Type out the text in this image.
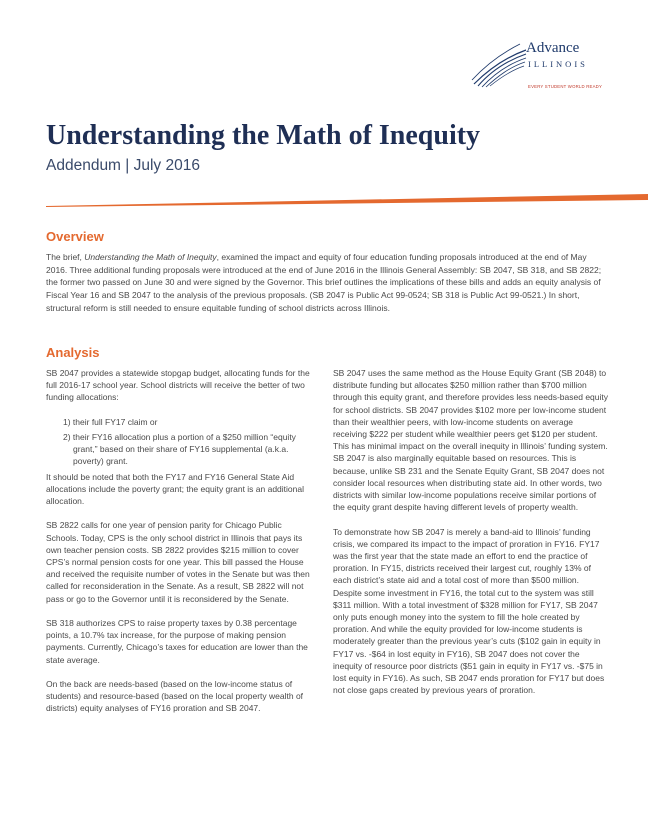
Advance
ILLINOIS
EVERY STUDENT WORLD READY
Understanding the Math of Inequity
Addendum | July 2016
Overview
The brief, Understanding the Math of Inequity, examined the impact and equity of four education funding proposals introduced at the end of May 2016. Three additional funding proposals were introduced at the end of June 2016 in the Illinois General Assembly: SB 2047, SB 318, and SB 2822; the former two passed on June 30 and were signed by the Governor. This brief outlines the implications of these bills and adds an equity analysis of Fiscal Year 16 and SB 2047 to the analysis of the previous proposals. (SB 2047 is Public Act 99-0524; SB 318 is Public Act 99-0521.) In short, structural reform is still needed to ensure equitable funding of school districts across Illinois.
Analysis

SB 2047 provides a statewide stopgap budget, allocating funds for the full 2016-17 school year. School districts will receive the better of two funding allocations:

1) their full FY17 claim or

2) their FY16 allocation plus a portion of a $250 million “equity grant,” based on their share of FY16 supplemental (a.k.a. poverty) grant.

It should be noted that both the FY17 and FY16 General State Aid allocations include the poverty grant; the equity grant is an additional allocation.

SB 2822 calls for one year of pension parity for Chicago Public Schools. Today, CPS is the only school district in Illinois that pays its own teacher pension costs. SB 2822 provides $215 million to cover CPS’s normal pension costs for one year. This bill passed the House and received the requisite number of votes in the Senate but was then called for reconsideration in the Senate. As a result, SB 2822 will not pass or go to the Governor until it is reconsidered by the Senate.

SB 318 authorizes CPS to raise property taxes by 0.38 percentage points, a 10.7% tax increase, for the purpose of making pension payments. Currently, Chicago’s taxes for education are lower than the state average.

On the back are needs-based (based on the low-income status of students) and resource-based (based on the local property wealth of districts) equity analyses of FY16 proration and SB 2047.

SB 2047 uses the same method as the House Equity Grant (SB 2048) to distribute funding but allocates $250 million rather than $700 million through this equity grant, and therefore provides less needs-based equity for school districts. SB 2047 provides $102 more per low-income student than their wealthier peers, with low-income students on average receiving $222 per student while wealthier peers get $120 per student. This has minimal impact on the overall inequity in Illinois’ funding system. SB 2047 is also marginally equitable based on resources. This is because, unlike SB 231 and the Senate Equity Grant, SB 2047 does not consider local resources when distributing state aid. In other words, two districts with similar low-income populations receive similar portions of the equity grant despite having different levels of property wealth.

To demonstrate how SB 2047 is merely a band-aid to Illinois’ funding crisis, we compared its impact to the impact of proration in FY16. FY17 was the first year that the state made an effort to end the practice of proration. In FY15, districts received their largest cut, roughly 13% of each district’s state aid and a total cost of more than $500 million. Despite some investment in FY16, the total cut to the system was still $311 million. With a total investment of $328 million for FY17, SB 2047 only puts enough money into the system to fill the hole created by proration. And while the equity provided for low-income students is moderately greater than the previous year’s cuts ($102 gain in equity in FY17 vs. -$64 in lost equity in FY16), SB 2047 does not cover the inequity of resource poor districts ($51 gain in equity in FY17 vs. -$75 in lost equity in FY16). As such, SB 2047 ends proration for FY17 but does not close gaps created by previous years of proration.
